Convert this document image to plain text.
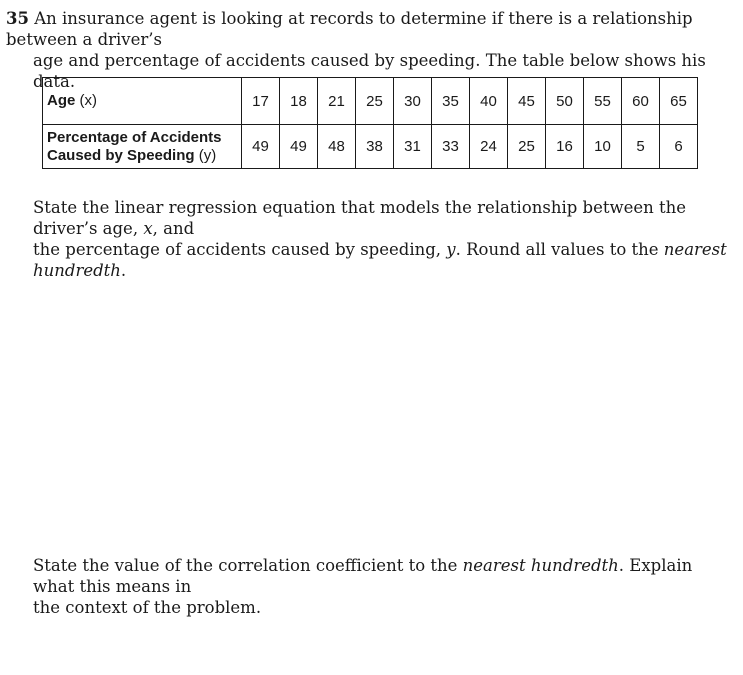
35 An insurance agent is looking at records to determine if there is a relationship between a driver’s
age and percentage of accidents caused by speeding. The table below shows his data.
Age (x)	17	18	21	25	30	35	40	45	50	55	60	65

Percentage of Accidents
Caused by Speeding (y)	49	49	48	38	31	33	24	25	16	10	5	6
State the linear regression equation that models the relationship between the driver’s age, x, and
the percentage of accidents caused by speeding, y. Round all values to the nearest hundredth.
State the value of the correlation coefficient to the nearest hundredth. Explain what this means in
the context of the problem.
